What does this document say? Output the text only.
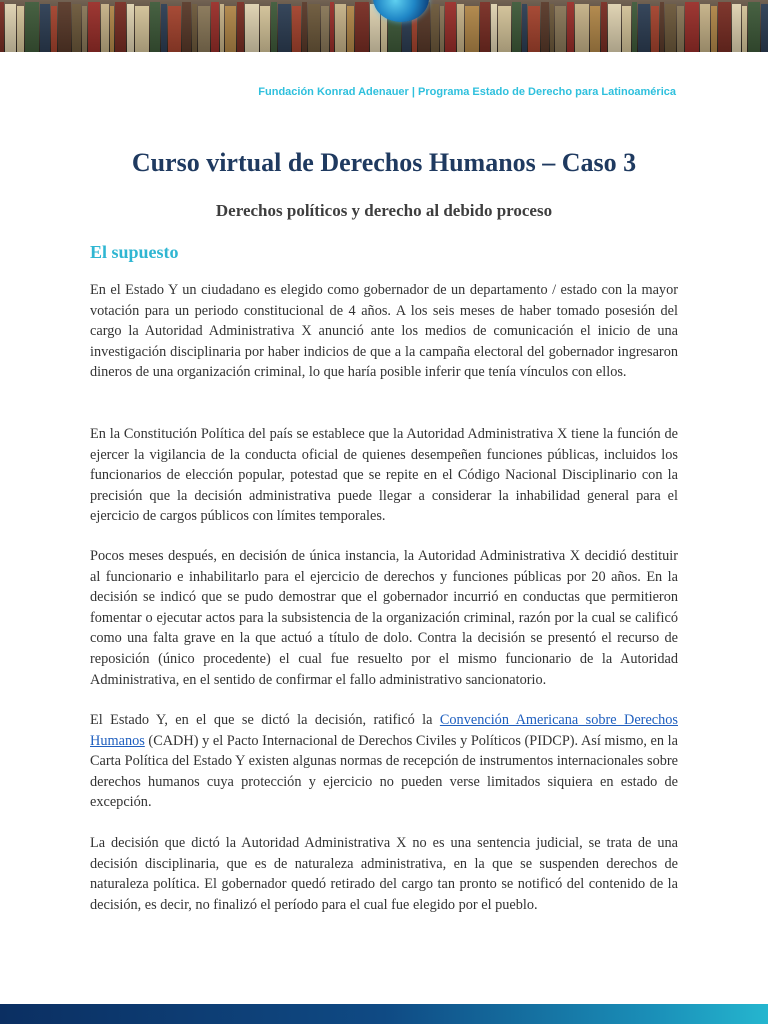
Fundación Konrad Adenauer | Programa Estado de Derecho para Latinoamérica
Curso virtual de Derechos Humanos – Caso 3
Derechos políticos y derecho al debido proceso
El supuesto

En el Estado Y un ciudadano es elegido como gobernador de un departamento / estado con la mayor votación para un periodo constitucional de 4 años. A los seis meses de haber tomado posesión del cargo la Autoridad Administrativa X anunció ante los medios de comunicación el inicio de una investigación disciplinaria por haber indicios de que a la campaña electoral del gobernador ingresaron dineros de una organización criminal, lo que haría posible inferir que tenía vínculos con ellos.

En la Constitución Política del país se establece que la Autoridad Administrativa X tiene la función de ejercer la vigilancia de la conducta oficial de quienes desempeñen funciones públicas, incluidos los funcionarios de elección popular, potestad que se repite en el Código Nacional Disciplinario con la precisión que la decisión administrativa puede llegar a considerar la inhabilidad general para el ejercicio de cargos públicos con límites temporales.

Pocos meses después, en decisión de única instancia, la Autoridad Administrativa X decidió destituir al funcionario e inhabilitarlo para el ejercicio de derechos y funciones públicas por 20 años. En la decisión se indicó que se pudo demostrar que el gobernador incurrió en conductas que permitieron fomentar o ejecutar actos para la subsistencia de la organización criminal, razón por la cual se calificó como una falta grave en la que actuó a título de dolo. Contra la decisión se presentó el recurso de reposición (único procedente) el cual fue resuelto por el mismo funcionario de la Autoridad Administrativa, en el sentido de confirmar el fallo administrativo sancionatorio.

El Estado Y, en el que se dictó la decisión, ratificó la Convención Americana sobre Derechos Humanos (CADH) y el Pacto Internacional de Derechos Civiles y Políticos (PIDCP). Así mismo, en la Carta Política del Estado Y existen algunas normas de recepción de instrumentos internacionales sobre derechos humanos cuya protección y ejercicio no pueden verse limitados siquiera en estado de excepción.

La decisión que dictó la Autoridad Administrativa X no es una sentencia judicial, se trata de una decisión disciplinaria, que es de naturaleza administrativa, en la que se suspenden derechos de naturaleza política. El gobernador quedó retirado del cargo tan pronto se notificó del contenido de la decisión, es decir, no finalizó el período para el cual fue elegido por el pueblo.
